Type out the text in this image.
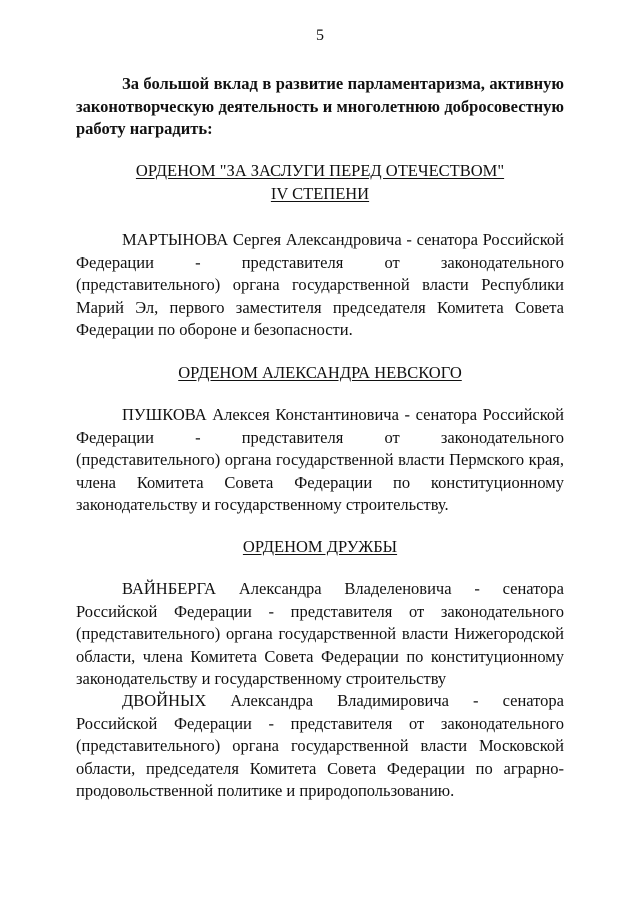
5

За большой вклад в развитие парламентаризма, активную законотворческую деятельность и многолетнюю добросовестную работу наградить:

ОРДЕНОМ "ЗА ЗАСЛУГИ ПЕРЕД ОТЕЧЕСТВОМ"
IV СТЕПЕНИ

МАРТЫНОВА Сергея Александровича - сенатора Российской Федерации - представителя от законодательного (представительного) органа государственной власти Республики Марий Эл, первого заместителя председателя Комитета Совета Федерации по обороне и безопасности.

ОРДЕНОМ АЛЕКСАНДРА НЕВСКОГО

ПУШКОВА Алексея Константиновича - сенатора Российской Федерации - представителя от законодательного (представительного) органа государственной власти Пермского края, члена Комитета Совета Федерации по конституционному законодательству и государственному строительству.

ОРДЕНОМ ДРУЖБЫ

ВАЙНБЕРГА Александра Владеленовича - сенатора Российской Федерации - представителя от законодательного (представительного) органа государственной власти Нижегородской области, члена Комитета Совета Федерации по конституционному законодательству и государственному строительству

ДВОЙНЫХ Александра Владимировича - сенатора Российской Федерации - представителя от законодательного (представительного) органа государственной власти Московской области, председателя Комитета Совета Федерации по аграрно-продовольственной политике и природопользованию.
